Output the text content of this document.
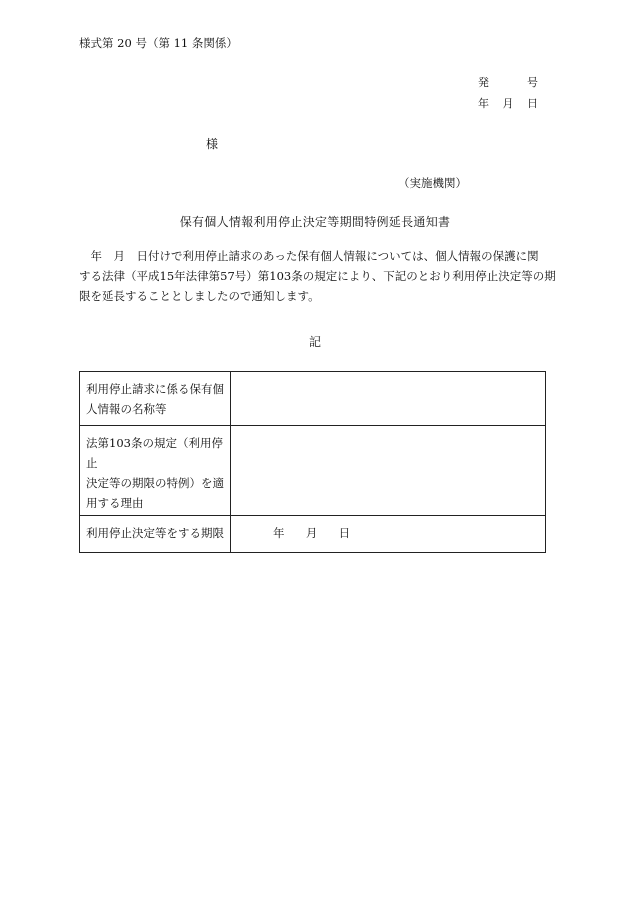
様式第 20 号（第 11 条関係）
発	号
年 月 日
様
（実施機関）
保有個人情報利用停止決定等期間特例延長通知書
　年　月　日付けで利用停止請求のあった保有個人情報については、個人情報の保護に関
する法律（平成15年法律第57号）第103条の規定により、下記のとおり利用停止決定等の期
限を延長することとしましたので通知します。
記
利用停止請求に係る保有個
人情報の名称等	

法第103条の規定（利用停止
決定等の期限の特例）を適
用する理由	

利用停止決定等をする期限	年 月 日
